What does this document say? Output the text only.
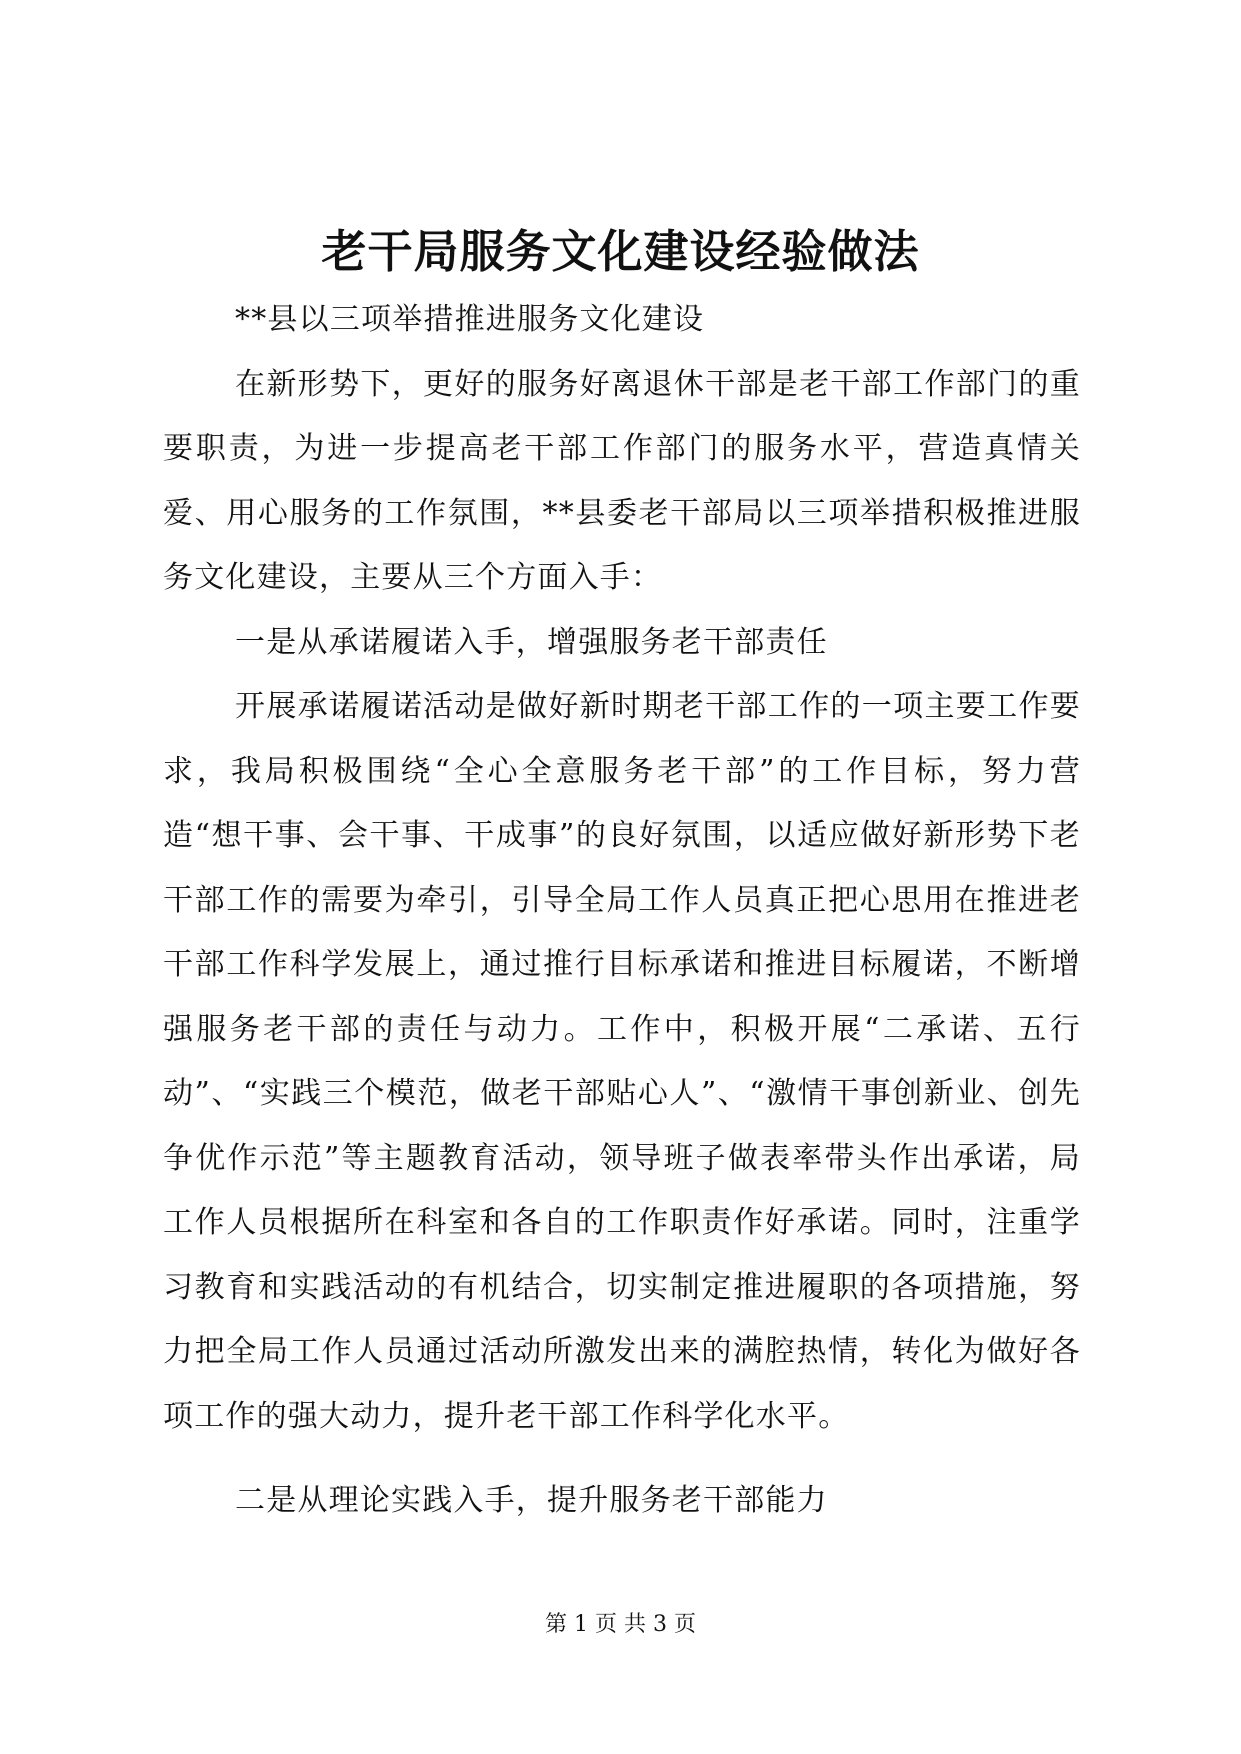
老干局服务文化建设经验做法

**县以三项举措推进服务文化建设

在新形势下，更好的服务好离退休干部是老干部工作部门的重要职责，为进一步提高老干部工作部门的服务水平，营造真情关爱、用心服务的工作氛围，**县委老干部局以三项举措积极推进服务文化建设，主要从三个方面入手：

一是从承诺履诺入手，增强服务老干部责任

开展承诺履诺活动是做好新时期老干部工作的一项主要工作要求，我局积极围绕“全心全意服务老干部”的工作目标，努力营造“想干事、会干事、干成事”的良好氛围，以适应做好新形势下老干部工作的需要为牵引，引导全局工作人员真正把心思用在推进老干部工作科学发展上，通过推行目标承诺和推进目标履诺，不断增强服务老干部的责任与动力。工作中，积极开展“二承诺、五行动”、“实践三个模范，做老干部贴心人”、“激情干事创新业、创先争优作示范”等主题教育活动，领导班子做表率带头作出承诺，局工作人员根据所在科室和各自的工作职责作好承诺。同时，注重学习教育和实践活动的有机结合，切实制定推进履职的各项措施，努力把全局工作人员通过活动所激发出来的满腔热情，转化为做好各项工作的强大动力，提升老干部工作科学化水平。

二是从理论实践入手，提升服务老干部能力

第 1 页 共 3 页
